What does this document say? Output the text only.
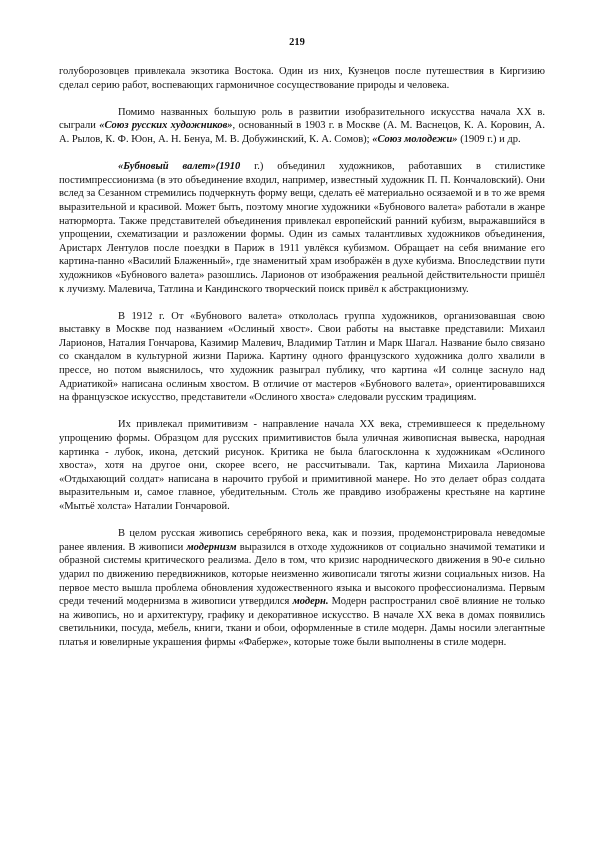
219

голуборозовцев привлекала экзотика Востока. Один из них, Кузнецов после путешествия в Киргизию сделал серию работ, воспевающих гармоничное сосуществование природы и человека.

Помимо названных большую роль в развитии изобразительного искусства начала XX в. сыграли «Союз русских художников», основанный в 1903 г. в Москве (А. М. Васнецов, К. А. Коровин, А. А. Рылов, К. Ф. Юон, А. Н. Бенуа, М. В. Добужинский, К. А. Сомов); «Союз молодежи» (1909 г.) и др.

«Бубновый валет»(1910 г.) объединил художников, работавших в стилистике постимпрессионизма (в это объединение входил, например, известный художник П. П. Кончаловский). Они вслед за Сезанном стремились подчеркнуть форму вещи, сделать её материально осязаемой и в то же время выразительной и красивой. Может быть, поэтому многие художники «Бубнового валета» работали в жанре натюрморта. Также представителей объединения привлекал европейский ранний кубизм, выражавшийся в упрощении, схематизации и разложении формы. Один из самых талантливых художников объединения, Аристарх Лентулов после поездки в Париж в 1911 увлёкся кубизмом. Обращает на себя внимание его картина-панно «Василий Блаженный», где знаменитый храм изображён в духе кубизма. Впоследствии пути художников «Бубнового валета» разошлись. Ларионов от изображения реальной действительности пришёл к лучизму. Малевича, Татлина и Кандинского творческий поиск привёл к абстракционизму.

В 1912 г. От «Бубнового валета» откололась группа художников, организовавшая свою выставку в Москве под названием «Ослиный хвост». Свои работы на выставке представили: Михаил Ларионов, Наталия Гончарова, Казимир Малевич, Владимир Татлин и Марк Шагал. Название было связано со скандалом в культурной жизни Парижа. Картину одного французского художника долго хвалили в прессе, но потом выяснилось, что художник разыграл публику, что картина «И солнце заснуло над Адриатикой» написана ослиным хвостом. В отличие от мастеров «Бубнового валета», ориентировавшихся на французское искусство, представители «Ослиного хвоста» следовали русским традициям.

Их привлекал примитивизм - направление начала XX века, стремившееся к предельному упрощению формы. Образцом для русских примитивистов была уличная живописная вывеска, народная картинка - лубок, икона, детский рисунок. Критика не была благосклонна к художникам «Ослиного хвоста», хотя на другое они, скорее всего, не рассчитывали. Так, картина Михаила Ларионова «Отдыхающий солдат» написана в нарочито грубой и примитивной манере. Но это делает образ солдата выразительным и, самое главное, убедительным. Столь же правдиво изображены крестьяне на картине «Мытьё холста» Наталии Гончаровой.

В целом русская живопись серебряного века, как и поэзия, продемонстрировала неведомые ранее явления. В живописи модернизм выразился в отходе художников от социально значимой тематики и образной системы критического реализма. Дело в том, что кризис народнического движения в 90-е сильно ударил по движению передвижников, которые неизменно живописали тяготы жизни социальных низов. На первое место вышла проблема обновления художественного языка и высокого профессионализма. Первым среди течений модернизма в живописи утвердился модерн. Модерн распространил своё влияние не только на живопись, но и архитектуру, графику и декоративное искусство. В начале XX века в домах появились светильники, посуда, мебель, книги, ткани и обои, оформленные в стиле модерн. Дамы носили элегантные платья и ювелирные украшения фирмы «Фаберже», которые тоже были выполнены в стиле модерн.
